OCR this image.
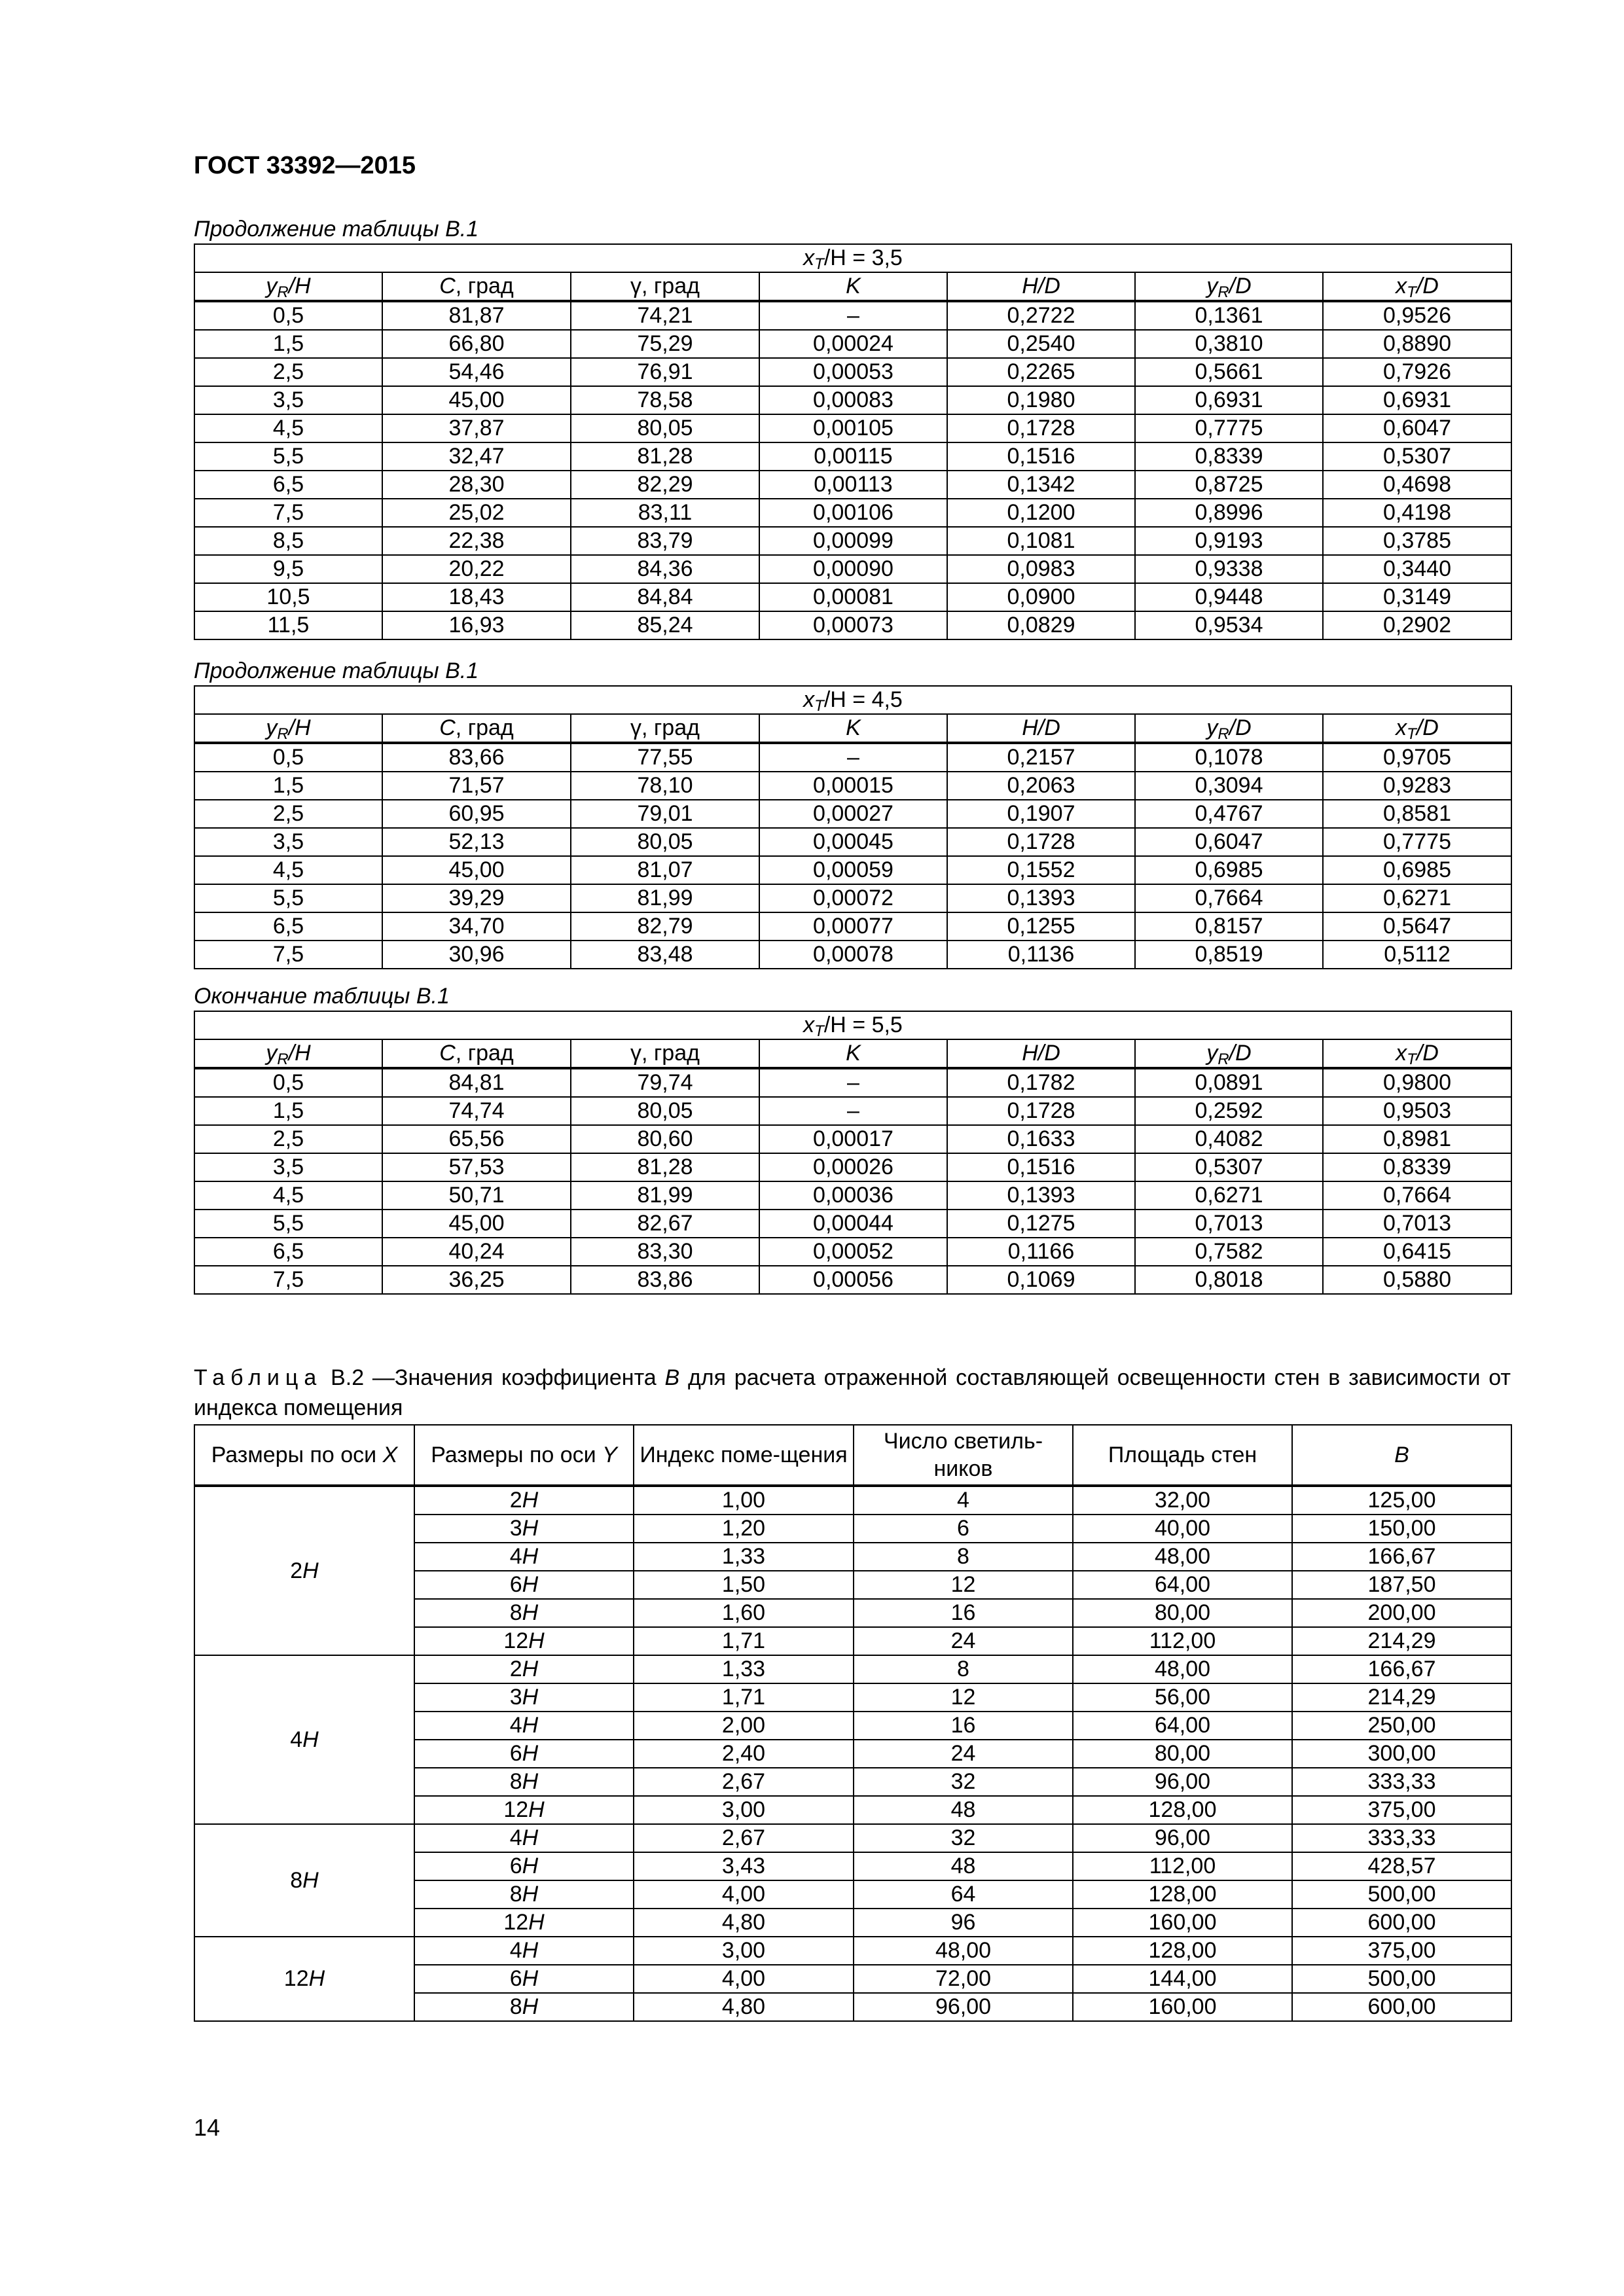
ГОСТ 33392—2015
Продолжение таблицы В.1
$x_T/H = 3,5$						
$y_R/H$	C, град	γ, град	K	H/D	$y_R/D$	$x_T/D$
0,5	81,87	74,21	–	0,2722	0,1361	0,9526
1,5	66,80	75,29	0,00024	0,2540	0,3810	0,8890
2,5	54,46	76,91	0,00053	0,2265	0,5661	0,7926
3,5	45,00	78,58	0,00083	0,1980	0,6931	0,6931
4,5	37,87	80,05	0,00105	0,1728	0,7775	0,6047
5,5	32,47	81,28	0,00115	0,1516	0,8339	0,5307
6,5	28,30	82,29	0,00113	0,1342	0,8725	0,4698
7,5	25,02	83,11	0,00106	0,1200	0,8996	0,4198
8,5	22,38	83,79	0,00099	0,1081	0,9193	0,3785
9,5	20,22	84,36	0,00090	0,0983	0,9338	0,3440
10,5	18,43	84,84	0,00081	0,0900	0,9448	0,3149
11,5	16,93	85,24	0,00073	0,0829	0,9534	0,2902
Продолжение таблицы В.1
$x_T/H = 4,5$						
$y_R/H$	C, град	γ, град	K	H/D	$y_R/D$	$x_T/D$
0,5	83,66	77,55	–	0,2157	0,1078	0,9705
1,5	71,57	78,10	0,00015	0,2063	0,3094	0,9283
2,5	60,95	79,01	0,00027	0,1907	0,4767	0,8581
3,5	52,13	80,05	0,00045	0,1728	0,6047	0,7775
4,5	45,00	81,07	0,00059	0,1552	0,6985	0,6985
5,5	39,29	81,99	0,00072	0,1393	0,7664	0,6271
6,5	34,70	82,79	0,00077	0,1255	0,8157	0,5647
7,5	30,96	83,48	0,00078	0,1136	0,8519	0,5112
Окончание таблицы В.1
$x_T/H = 5,5$						
$y_R/H$	C, град	γ, град	K	H/D	$y_R/D$	$x_T/D$
0,5	84,81	79,74	–	0,1782	0,0891	0,9800
1,5	74,74	80,05	–	0,1728	0,2592	0,9503
2,5	65,56	80,60	0,00017	0,1633	0,4082	0,8981
3,5	57,53	81,28	0,00026	0,1516	0,5307	0,8339
4,5	50,71	81,99	0,00036	0,1393	0,6271	0,7664
5,5	45,00	82,67	0,00044	0,1275	0,7013	0,7013
6,5	40,24	83,30	0,00052	0,1166	0,7582	0,6415
7,5	36,25	83,86	0,00056	0,1069	0,8018	0,5880
Таблица В.2 —Значения коэффициента B для расчета отраженной составляющей освещенности стен в зависимости от индекса помещения
Размеры по оси X	Размеры по оси Y	Индекс поме-щения	Число светиль-ников	Площадь стен	B
2H	2H	1,00	4	32,00	125,00
	3H	1,20	6	40,00	150,00
	4H	1,33	8	48,00	166,67
	6H	1,50	12	64,00	187,50
	8H	1,60	16	80,00	200,00
	12H	1,71	24	112,00	214,29
4H	2H	1,33	8	48,00	166,67
	3H	1,71	12	56,00	214,29
	4H	2,00	16	64,00	250,00
	6H	2,40	24	80,00	300,00
	8H	2,67	32	96,00	333,33
	12H	3,00	48	128,00	375,00
8H	4H	2,67	32	96,00	333,33
	6H	3,43	48	112,00	428,57
	8H	4,00	64	128,00	500,00
	12H	4,80	96	160,00	600,00
12H	4H	3,00	48,00	128,00	375,00
	6H	4,00	72,00	144,00	500,00
	8H	4,80	96,00	160,00	600,00
14
